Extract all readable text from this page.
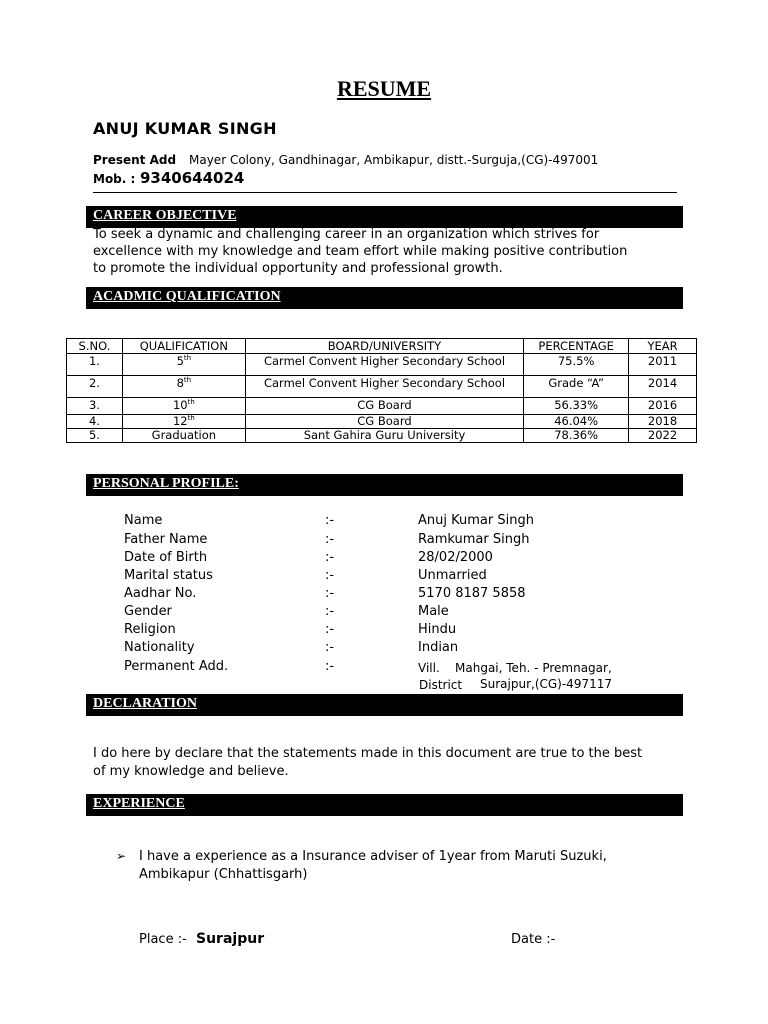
RESUME
ANUJ KUMAR SINGH
Present Add Mayer Colony, Gandhinagar, Ambikapur, distt.-Surguja,(CG)-497001
Mob. : 9340644024
CAREER OBJECTIVE
To seek a dynamic and challenging career in an organization which strives for
excellence with my knowledge and team effort while making positive contribution
to promote the individual opportunity and professional growth.
ACADMIC QUALIFICATION
S.NO.	QUALIFICATION	BOARD/UNIVERSITY	PERCENTAGE	YEAR
1.	5th	Carmel Convent Higher Secondary School	75.5%	2011
2.	8th	Carmel Convent Higher Secondary School	Grade “A”	2014
3.	10th	CG Board	56.33%	2016
4.	12th	CG Board	46.04%	2018
5.	Graduation	Sant Gahira Guru University	78.36%	2022
PERSONAL PROFILE:
Name	:-	Anuj Kumar Singh
Father Name	:-	Ramkumar Singh
Date of Birth	:-	28/02/2000
Marital status	:-	Unmarried
Aadhar No.	:-	5170 8187 5858
Gender	:-	Male
Religion	:-	Hindu
Nationality	:-	Indian
Permanent Add.	:-	Vill.    Mahgai, Teh. - Premnagar,
District Surajpur,(CG)-497117
DECLARATION
I do here by declare that the statements made in this document are true to the best
of my knowledge and believe.
EXPERIENCE
➢ I have a experience as a Insurance adviser of 1year from Maruti Suzuki,
Ambikapur (Chhattisgarh)
Place :- Surajpur	Date :-
